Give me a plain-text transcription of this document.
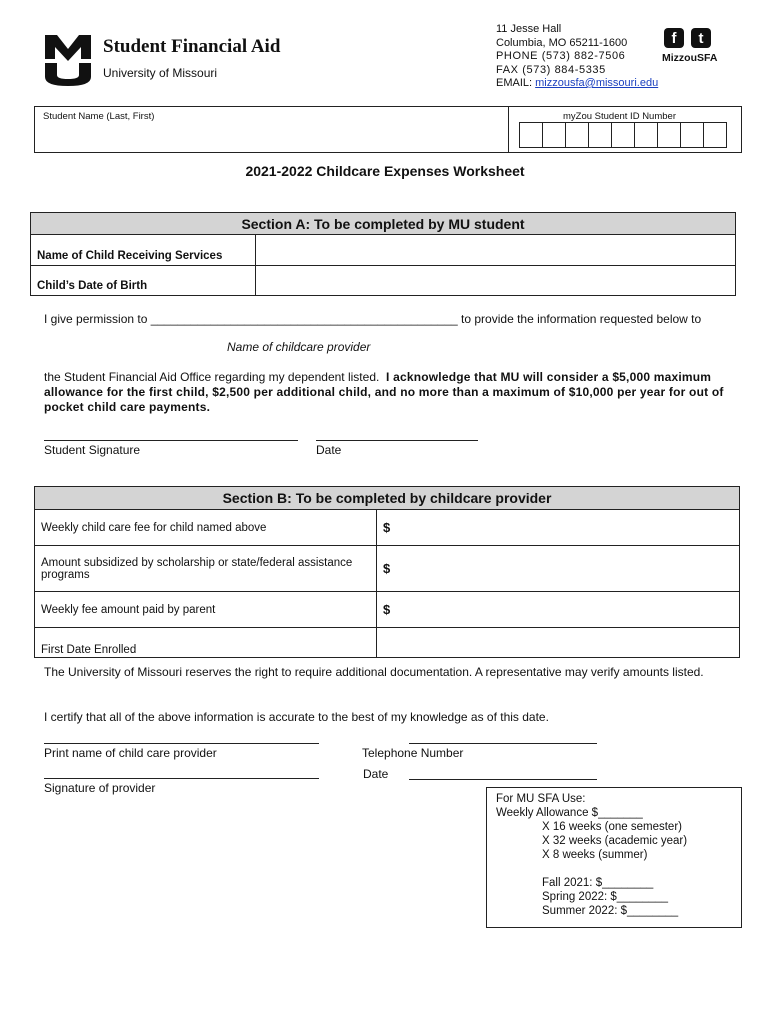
Student Financial Aid
University of Missouri
11 Jesse Hall
Columbia, MO 65211-1600
PHONE (573) 882-7506
FAX (573) 884-5335
EMAIL: mizzousfa@missouri.edu
f	t
MizzouSFA
Student Name (Last, First)	myZou Student ID Number
2021-2022 Childcare Expenses Worksheet
Section A: To be completed by MU student	
Name of Child Receiving Services	
Child’s Date of Birth	
I give permission to ______________________________________________ to provide the information requested below to
Name of childcare provider
the Student Financial Aid Office regarding my dependent listed. I acknowledge that MU will consider a $5,000 maximum allowance for the first child, $2,500 per additional child, and no more than a maximum of $10,000 per year for out of pocket child care payments.
Student Signature	Date
Section B: To be completed by childcare provider	
Weekly child care fee for child named above	$
Amount subsidized by scholarship or state/federal assistance programs	$
Weekly fee amount paid by parent	$
First Date Enrolled	
The University of Missouri reserves the right to require additional documentation. A representative may verify amounts listed.
I certify that all of the above information is accurate to the best of my knowledge as of this date.
Print name of child care provider	Telephone Number
Date
Signature of provider
For MU SFA Use:
Weekly Allowance $_______
X 16 weeks (one semester)
X 32 weeks (academic year)
X 8 weeks (summer)
Fall 2021: $________
Spring 2022: $________
Summer 2022: $________
